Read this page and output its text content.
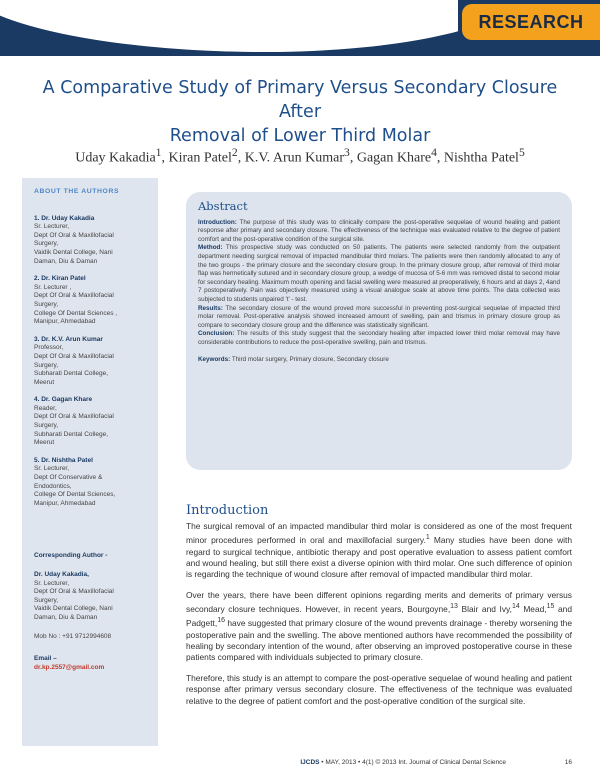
RESEARCH
A Comparative Study of Primary Versus Secondary Closure After
Removal of Lower Third Molar
Uday Kakadia$^1$, Kiran Patel$^2$, K.V. Arun Kumar$^3$, Gagan Khare$^4$, Nishtha Patel$^5$
ABOUT THE AUTHORS
1. Dr. Uday Kakadia
Sr. Lecturer,
Dept Of Oral & Maxillofacial
Surgery,
Vaidik Dental College, Nani
Daman, Diu & Daman
2. Dr. Kiran Patel
Sr. Lecturer ,
Dept Of Oral & Maxillofacial
Surgery,
College Of Dental Sciences ,
Manipur, Ahmedabad
3. Dr. K.V. Arun Kumar
Professor,
Dept Of Oral & Maxillofacial
Surgery,
Subharati Dental College,
Meerut
4. Dr. Gagan Khare
Reader,
Dept Of Oral & Maxillofacial
Surgery,
Subharati Dental College,
Meerut
5. Dr. Nishtha Patel
Sr. Lecturer,
Dept Of Conservative &
Endodontics,
College Of Dental Sciences,
Manipur, Ahmedabad
Corresponding Author -
Dr. Uday Kakadia,
Sr. Lecturer,
Dept Of Oral & Maxillofacial
Surgery,
Vaidik Dental College, Nani
Daman, Diu & Daman
Mob No : +91 9712994608
Email –
dr.kp.2557@gmail.com
Abstract

Introduction: The purpose of this study was to clinically compare the post-operative sequelae of wound healing and patient response after primary and secondary closure. The effectiveness of the technique was evaluated relative to the degree of patient comfort and the post-operative condition of the surgical site.

Method: This prospective study was conducted on 50 patients. The patients were selected randomly from the outpatient department needing surgical removal of impacted mandibular third molars. The patients were then randomly allocated to any of the two groups - the primary closure and the secondary closure group. In the primary closure group, after removal of third molar flap was hermetically sutured and in secondary closure group, a wedge of mucosa of 5-6 mm was removed distal to second molar for secondary healing. Maximum mouth opening and facial swelling were measured at preoperatively, 6 hours and at days 2, 4and 7 postoperatively. Pain was objectively measured using a visual analogue scale at above time points. The data collected was subjected to students unpaired 't' - test.

Results: The secondary closure of the wound proved more successful in preventing post-surgical sequelae of impacted third molar removal. Post-operative analysis showed increased amount of swelling, pain and trismus in primary closure group as compare to secondary closure group and the difference was statistically significant.

Conclusion: The results of this study suggest that the secondary healing after impacted lower third molar removal may have considerable contributions to reduce the post-operative swelling, pain and trismus.

Keywords: Third molar surgery, Primary closure, Secondary closure

Introduction

The surgical removal of an impacted mandibular third molar is considered as one of the most frequent minor procedures performed in oral and maxillofacial surgery.$^1$ Many studies have been done with regard to surgical technique, antibiotic therapy and post operative evaluation to assess patient comfort and wound healing, but still there exist a diverse opinion with third molar. One such difference of opinion is regarding the technique of wound closure after removal of impacted mandibular third molar.

Over the years, there have been different opinions regarding merits and demerits of primary versus secondary closure techniques. However, in recent years, Bourgoyne,$^{13}$ Blair and Ivy,$^{14}$ Mead,$^{15}$ and Padgett,$^{16}$ have suggested that primary closure of the wound prevents drainage - thereby worsening the postoperative pain and the swelling. The above mentioned authors have recommended the possibility of healing by secondary intention of the wound, after observing an improved postoperative course in these patients compared with individuals subjected to primary closure.

Therefore, this study is an attempt to compare the post-operative sequelae of wound healing and patient response after primary versus secondary closure. The effectiveness of the technique was evaluated relative to the degree of patient comfort and the post-operative condition of the surgical site.

IJCDS • MAY, 2013 • 4(1) © 2013 Int. Journal of Clinical Dental Science	16
